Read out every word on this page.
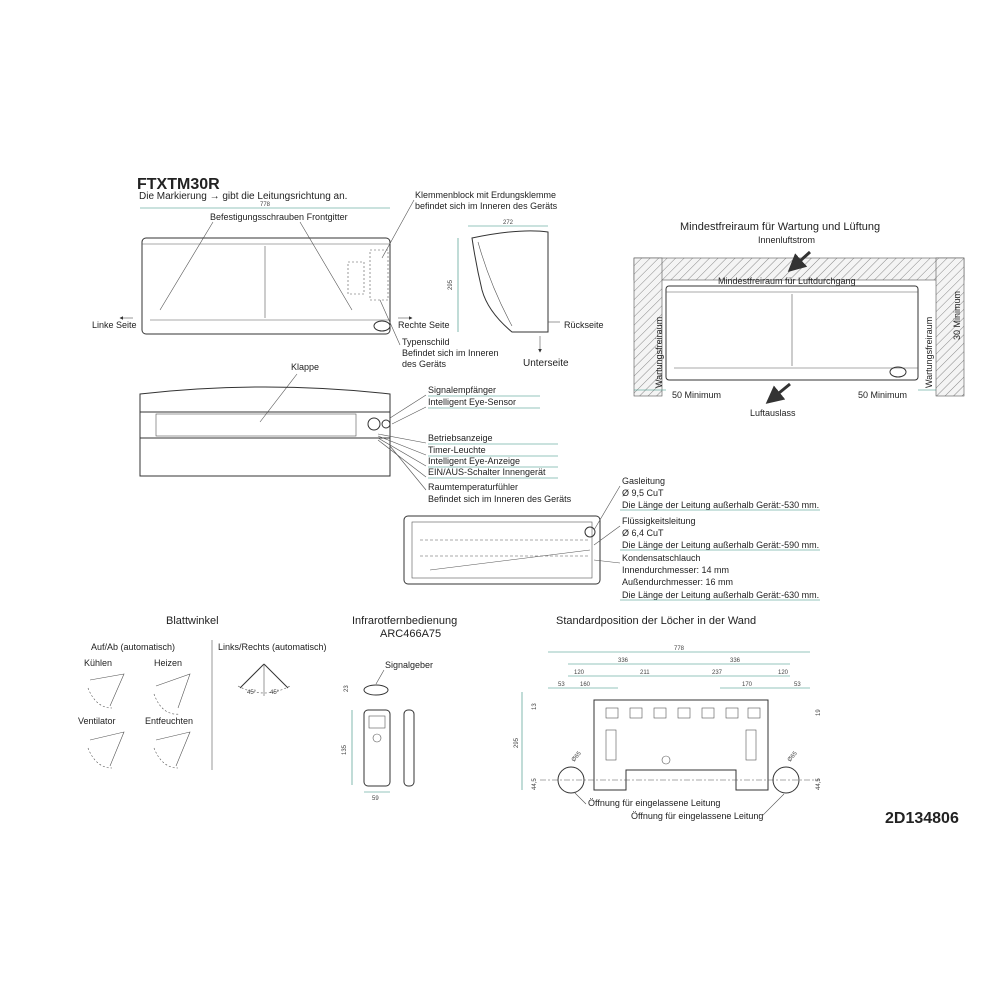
FTXTM30R
Die Markierung → gibt die Leitungsrichtung an.
2D134806
778
Befestigungsschrauben Frontgitter
Linke Seite	Rechte Seite
Klemmenblock mit Erdungsklemme
befindet sich im Inneren des Geräts
Typenschild
Befindet sich im Inneren
des Geräts
272
295
Rückseite
Unterseite
Mindestfreiraum für Wartung und Lüftung
Innenluftstrom
Mindestfreiraum für Luftdurchgang
Wartungsfreiraum	Wartungsfreiraum
30 Minimum
50 Minimum	50 Minimum
Luftauslass
Klappe
Signalempfänger
Intelligent Eye-Sensor
Betriebsanzeige
Timer-Leuchte
Intelligent Eye-Anzeige
EIN/AUS-Schalter Innengerät
Raumtemperaturfühler
Befindet sich im Inneren des Geräts
Gasleitung
Ø 9,5 CuT
Die Länge der Leitung außerhalb Gerät:-530 mm.
Flüssigkeitsleitung
Ø 6,4 CuT
Die Länge der Leitung außerhalb Gerät:-590 mm.
Kondensatschlauch
Innendurchmesser: 14 mm
Außendurchmesser: 16 mm
Die Länge der Leitung außerhalb Gerät:-630 mm.
Blattwinkel
Auf/Ab (automatisch)
Kühlen	Heizen
Ventilator	Entfeuchten
Links/Rechts (automatisch)
45° 45°
Infrarotfernbedienung
ARC466A75
Signalgeber
23
135
59
Standardposition der Löcher in der Wand
778
336	336
120	211	237	120
53	160	170	53
295
13
19
44,5	44,5
Ø65	Ø65
Öffnung für eingelassene Leitung
Öffnung für eingelassene Leitung
